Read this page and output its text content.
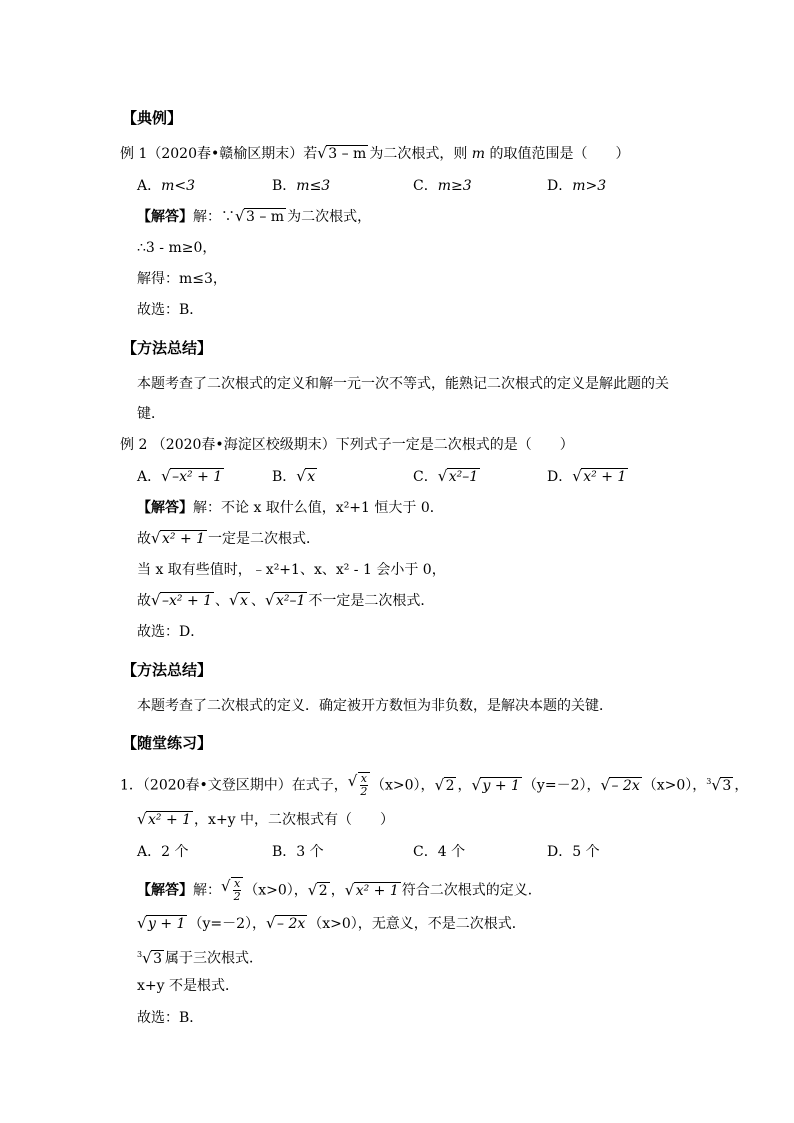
【典例】
例 1（2020春•赣榆区期末）若 √ 3 – m 为二次根式，则 m 的取值范围是（　　）
A．m<3	B．m≤3	C．m≥3	D．m>3
【解答】解：∵ √ 3 – m 为二次根式，
∴3 - m≥0，
解得：m≤3，
故选：B．
【方法总结】
本题考查了二次根式的定义和解一元一次不等式，能熟记二次根式的定义是解此题的关
键．
例 2 （2020春•海淀区校级期末）下列式子一定是二次根式的是（　　）
A． √ –x² + 1	B． √ x	C． √ x²–1	D． √ x² + 1
【解答】解：不论 x 取什么值，x²+1 恒大于 0．
故 √ x² + 1 一定是二次根式．
当 x 取有些值时，﹣x²+1、x、x² - 1 会小于 0，
故 √ –x² + 1 、 √ x 、 √ x²–1 不一定是二次根式．
故选：D．
【方法总结】
本题考查了二次根式的定义．确定被开方数恒为非负数，是解决本题的关键．
【随堂练习】
1．（2020春•文登区期中）在式子， √ $\frac{x}{2} (x>0)$， √ 2 ， √ y + 1 （y=－2）， √ – 2x （x>0），$^3$ √ 3 ，
√ x² + 1 ，x+y 中，二次根式有（　　）
A．2 个	B．3 个	C．4 个	D．5 个
【解答】解： √ $\frac{x}{2} (x>0)$， √ 2 ， √ x² + 1 符合二次根式的定义．
√ y + 1 （y=－2）， √ – 2x （x>0），无意义，不是二次根式．
$^3$ √ 3 属于三次根式．
x+y 不是根式．
故选：B．
